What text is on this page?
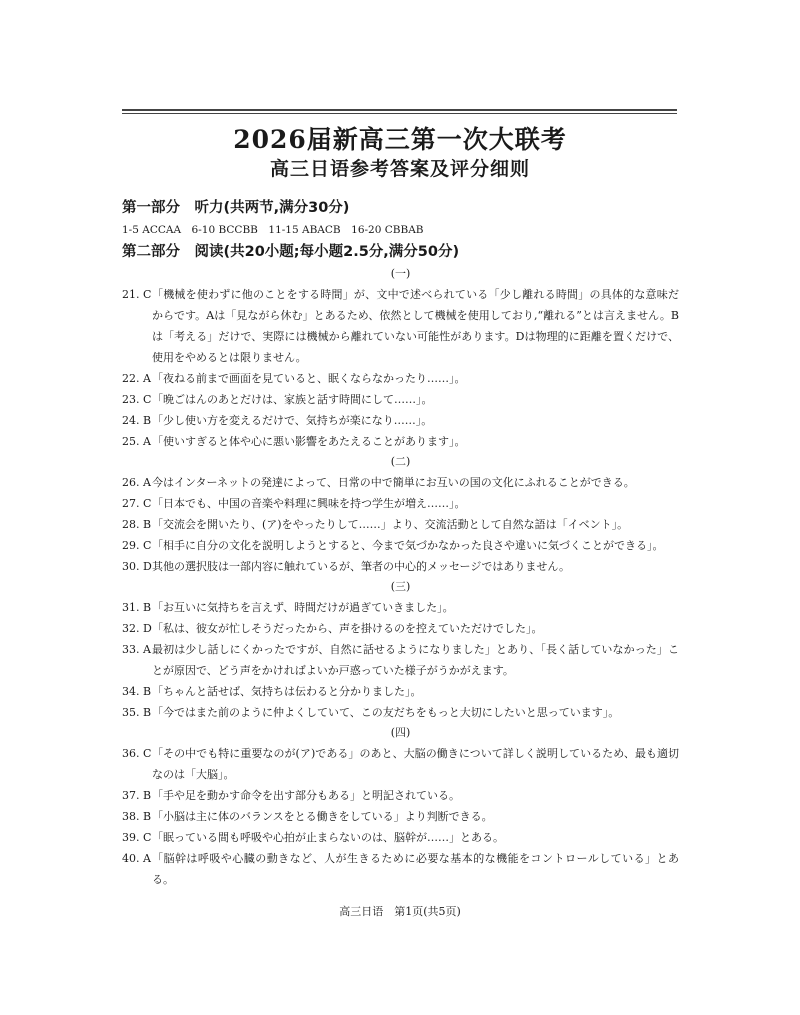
2026届新高三第一次大联考
高三日语参考答案及评分细则
第一部分　听力(共两节,满分30分)
1-5 ACCAA　6-10 BCCBB　11-15 ABACB　16-20 CBBAB
第二部分　阅读(共20小题;每小题2.5分,满分50分)
(一)
21. C 「機械を使わずに他のことをする時間」が、文中で述べられている「少し離れる時間」の具体的な意味だからです。Aは「見ながら休む」とあるため、依然として機械を使用しており,“離れる”とは言えません。Bは「考える」だけで、実際には機械から離れていない可能性があります。Dは物理的に距離を置くだけで、使用をやめるとは限りません。
22. A 「夜ねる前まで画面を見ていると、眠くならなかったり……」。
23. C 「晩ごはんのあとだけは、家族と話す時間にして……」。
24. B 「少し使い方を変えるだけで、気持ちが楽になり……」。
25. A 「使いすぎると体や心に悪い影響をあたえることがあります」。
(二)
26. A 今はインターネットの発達によって、日常の中で簡単にお互いの国の文化にふれることができる。
27. C 「日本でも、中国の音楽や料理に興味を持つ学生が増え……」。
28. B 「交流会を開いたり、(ア)をやったりして……」より、交流活動として自然な語は「イベント」。
29. C 「相手に自分の文化を説明しようとすると、今まで気づかなかった良さや違いに気づくことができる」。
30. D 其他の選択肢は一部内容に触れているが、筆者の中心的メッセージではありません。
(三)
31. B 「お互いに気持ちを言えず、時間だけが過ぎていきました」。
32. D 「私は、彼女が忙しそうだったから、声を掛けるのを控えていただけでした」。
33. A 最初は少し話しにくかったですが、自然に話せるようになりました」とあり、「長く話していなかった」ことが原因で、どう声をかければよいか戸惑っていた様子がうかがえます。
34. B 「ちゃんと話せば、気持ちは伝わると分かりました」。
35. B 「今ではまた前のように仲よくしていて、この友だちをもっと大切にしたいと思っています」。
(四)
36. C 「その中でも特に重要なのが(ア)である」のあと、大脳の働きについて詳しく説明しているため、最も適切なのは「大脳」。
37. B 「手や足を動かす命令を出す部分もある」と明記されている。
38. B 「小脳は主に体のバランスをとる働きをしている」より判断できる。
39. C 「眠っている間も呼吸や心拍が止まらないのは、脳幹が……」とある。
40. A 「脳幹は呼吸や心臓の動きなど、人が生きるために必要な基本的な機能をコントロールしている」とある。
高三日语　第1页(共5页)
